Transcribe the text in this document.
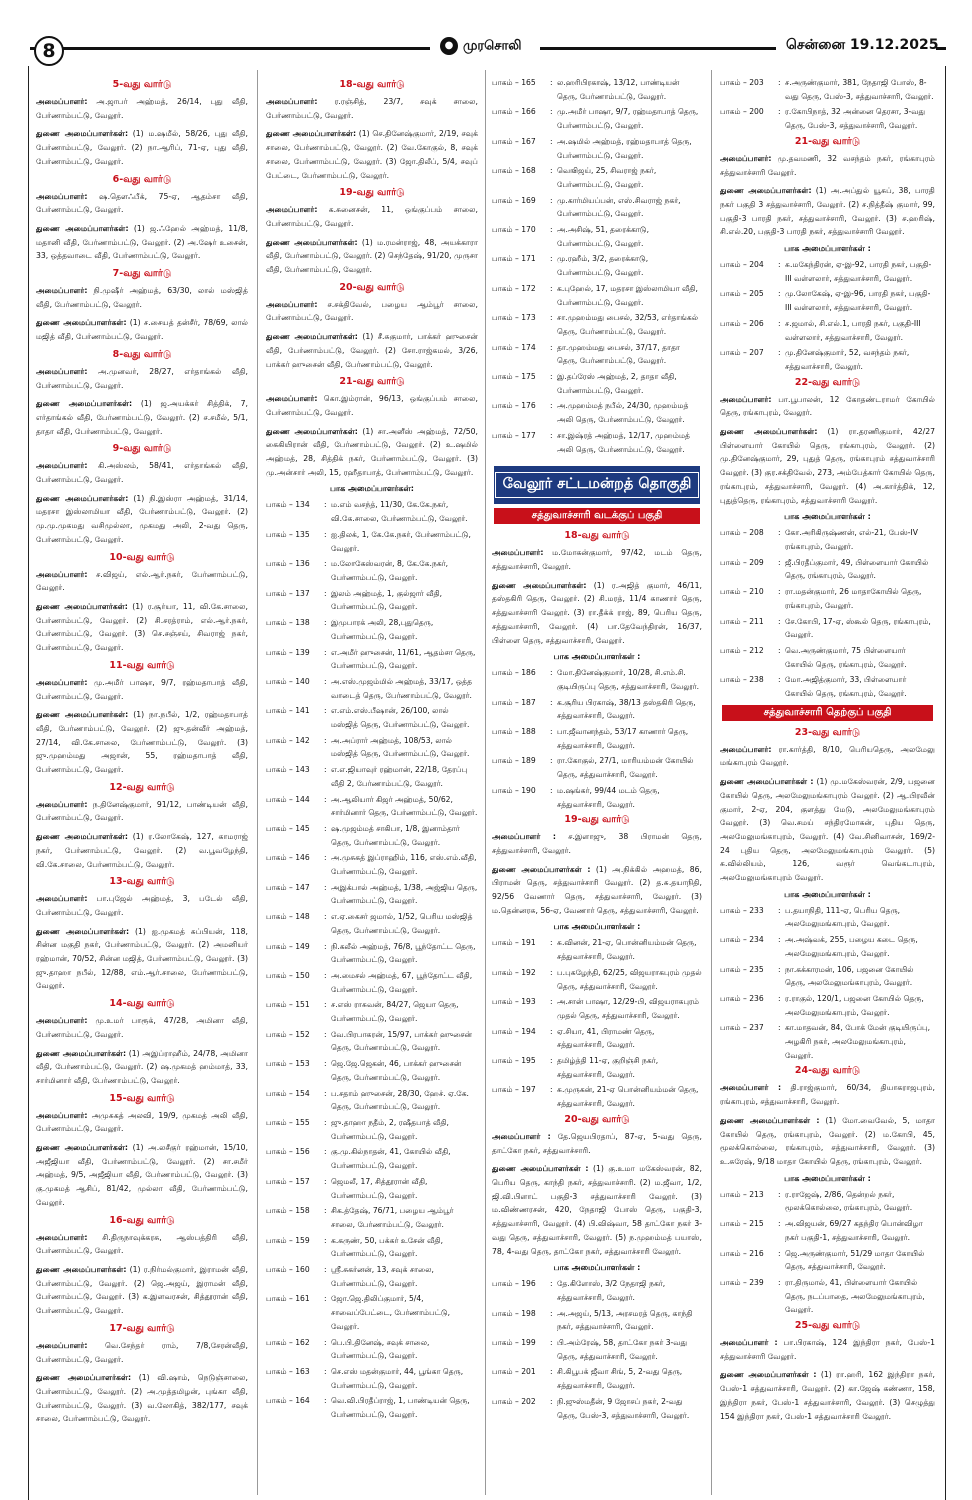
8	● முரசொலி	சென்னை 19.12.2025
5-வது வார்டு

அமைப்பாளர்: அ.ஜாபர் அஹ்மத், 26/14, புது வீதி, பேர்ணாம்பட்டு, வேலூர்.

துணை அமைப்பாளர்கள்: (1) ம.ஷமீல், 58/26, புது வீதி, பேர்ணாம்பட்டு, வேலூர். (2) நா.ஆரிப், 71-ஏ, புது வீதி, பேர்ணாம்பட்டு, வேலூர்.

6-வது வார்டு

அமைப்பாளர்: ஷ.தௌஃபீக், 75-ஏ, ஆதம்சா வீதி, பேர்ணாம்பட்டு, வேலூர்.

துணை அமைப்பாளர்கள்: (1) ஜ.ஃஹேல் அஹ்மத், 11/8, மதானி வீதி, பேர்ணாம்பட்டு, வேலூர். (2) அ.ஷேர் உசைன், 33, ஒத்தவாடை வீதி, பேர்ணாம்பட்டு, வேலூர்.

7-வது வார்டு

அமைப்பாளர்: நி.முஷீர் அஹ்மத், 63/30, லால் மஸ்ஜித் வீதி, பேர்ணாம்பட்டு, வேலூர்.

துணை அமைப்பாளர்கள்: (1) ச.சையத் தன்சீர், 78/69, லால் மஜித் வீதி, பேர்ணாம்பட்டு, வேலூர்.

8-வது வார்டு

அமைப்பாளர்: அ.முனவர், 28/27, எர்தாங்கல் வீதி, பேர்ணாம்பட்டு, வேலூர்.

துணை அமைப்பாளர்கள்: (1) ஜ.அயக்கர் சித்திக், 7, எர்தாங்கல் வீதி, பேர்ணாம்பட்டு, வேலூர். (2) ச.சமீல், 5/1, தாதா வீதி, பேர்ணாம்பட்டு, வேலூர்.

9-வது வார்டு

அமைப்பாளர்: கி.அஸ்லம், 58/41, எர்தாங்கல் வீதி, பேர்ணாம்பட்டு, வேலூர்.

துணை அமைப்பாளர்கள்: (1) நி.இஸ்ரா அஹ்மத், 31/14, மதரசா இஸ்லாமியா வீதி, பேர்ணாம்பட்டு, வேலூர். (2) மு.மு.முகமது வசிமுல்லா, முகமது அலி, 2-வது தெரு, பேர்ணாம்பட்டு, வேலூர்.

10-வது வார்டு

அமைப்பாளர்: ச.விஜய், எல்.ஆர்.நகர், பேர்ணாம்பட்டு, வேலூர்.

துணை அமைப்பாளர்கள்: (1) ர.சூர்யா, 11, வி.கே.சாலை, பேர்ணாம்பட்டு, வேலூர். (2) சி.சரத்ராம், எல்.ஆர்.நகர், பேர்ணாம்பட்டு, வேலூர். (3) செ.சஞ்சய், சிவராஜ் நகர், பேர்ணாம்பட்டு, வேலூர்.

11-வது வார்டு

அமைப்பாளர்: மு.அமீர் பாஷா, 9/7, ரஹ்மதாபாத் வீதி, பேர்ணாம்பட்டு, வேலூர்.

துணை அமைப்பாளர்கள்: (1) நா.நபீல், 1/2, ரஹ்மதாபாத் வீதி, பேர்ணாம்பட்டு, வேலூர். (2) ஜு.தன்வீர் அஹ்மத், 27/14, வி.கே.சாலை, பேர்ணாம்பட்டு, வேலூர். (3) ஜு.முஹம்மது அஜான், 55, ரஹ்மதாபாத் வீதி, பேர்ணாம்பட்டு, வேலூர்.

12-வது வார்டு

அமைப்பாளர்: ந.தினேஷ்குமார், 91/12, பாண்டியன் வீதி, பேர்ணாம்பட்டு, வேலூர்.

துணை அமைப்பாளர்கள்: (1) ர.லோகேஷ், 127, காமராஜ் நகர், பேர்ணாம்பட்டு, வேலூர். (2) வ.பூவழேந்தி, வி.கே.சாலை, பேர்ணாம்பட்டு, வேலூர்.

13-வது வார்டு

அமைப்பாளர்: பா.புஜேல் அஹ்மத், 3, படேல் வீதி, பேர்ணாம்பட்டு, வேலூர்.

துணை அமைப்பாளர்கள்: (1) ஐ.முகமத் சுப்பியன், 118, சின்ன மகுதி நகர், பேர்ணாம்பட்டு, வேலூர். (2) அமனியர் ரஹ்மான், 70/52, சின்ன மஜித், பேர்ணாம்பட்டு, வேலூர். (3) ஜு.தாஹா நபீல், 12/88, எம்.ஆர்.சாலை, பேர்ணாம்பட்டு, வேலூர்.

14-வது வார்டு

அமைப்பாளர்: மு.உமர் பாரூக், 47/28, அமினா வீதி, பேர்ணாம்பட்டு, வேலூர்.

துணை அமைப்பாளர்கள்: (1) அஇப்ராஹீம், 24/78, அமினா வீதி, பேர்ணாம்பட்டு, வேலூர். (2) ஷ.முகமத் ஹம்மாத், 33, சார்மினார் வீதி, பேர்ணாம்பட்டு, வேலூர்.

15-வது வார்டு

அமைப்பாளர்: அமுசுகத் அலவி, 19/9, முகமத் அலி வீதி, பேர்ணாம்பட்டு, வேலூர்.

துணை அமைப்பாளர்கள்: (1) அ.லசீகுர் ரஹ்மான், 15/10, அஜீஜியா வீதி, பேர்ணாம்பட்டு, வேலூர். (2) சா.சமீர் அஹ்மத், 9/5, அஜீஜியா வீதி, பேர்ணாம்பட்டு, வேலூர். (3) கு.முகமத் ஆசிப், 81/42, முல்லா வீதி, பேர்ணாம்பட்டு, வேலூர்.

16-வது வார்டு

அமைப்பாளர்: சி.திருநாவுக்கரசு, ஆஸ்பத்திரி வீதி, பேர்ணாம்பட்டு, வேலூர்.

துணை அமைப்பாளர்கள்: (1) ர.நிர்மல்குமார், இராமன் வீதி, பேர்ணாம்பட்டு, வேலூர். (2) ஜெ.அஜய், இராமன் வீதி, பேர்ணாம்பட்டு, வேலூர். (3) க.இளவரசன், சித்தூரான் வீதி, பேர்ணாம்பட்டு, வேலூர்.

17-வது வார்டு

அமைப்பாளர்: வெ.சேந்தர் ராம், 7/8,சேரன்வீதி, பேர்ணாம்பட்டு, வேலூர்.

துணை அமைப்பாளர்கள்: (1) வி.ஷாம், நெடுஞ்சாலை, பேர்ணாம்பட்டு, வேலூர். (2) அ.முத்தமிழன், புங்கா வீதி, பேர்ணாம்பட்டு, வேலூர். (3) வ.லோகித், 382/177, சவுக் சாலை, பேர்ணாம்பட்டு, வேலூர்.

18-வது வார்டு

அமைப்பாளர்: ர.ரஞ்சித், 23/7, சவுக் சாலை, பேர்ணாம்பட்டு, வேலூர்.

துணை அமைப்பாளர்கள்: (1) செ.தினேஷ்குமார், 2/19, சவுக் சாலை, பேர்ணாம்பட்டு, வேலூர். (2) வே.கோகுல், 8, சவுக் சாலை, பேர்ணாம்பட்டு, வேலூர். (3) ஜோ.திலீப், 5/4, சவுப் பேட்டை, பேர்ணாம்பட்டு, வேலூர்.

19-வது வார்டு

அமைப்பாளர்: க.சுனைசன், 11, ஒங்குப்பம் சாலை, பேர்ணாம்பட்டு, வேலூர்.

துணை அமைப்பாளர்கள்: (1) ம.ரமன்ராஜ், 48, அயக்காரா வீதி, பேர்ணாம்பட்டு, வேலூர். (2) செந்தேஷ், 91/20, முருசா வீதி, பேர்ணாம்பட்டு, வேலூர்.

20-வது வார்டு

அமைப்பாளர்: ச.சக்திவேல், பழைய ஆம்பூர் சாலை, பேர்ணாம்பட்டு, வேலூர்.

துணை அமைப்பாளர்கள்: (1) சீ.சுகுமார், பாக்கர் ஹுசைன் வீதி, பேர்ணாம்பட்டு, வேலூர். (2) சோ.ராஜ்கமல், 3/26, பாக்கர் ஹுசைன் வீதி, பேர்ணாம்பட்டு, வேலூர்.

21-வது வார்டு

அமைப்பாளர்: கொ.இம்ரான், 96/13, ஒங்குப்பம் சாலை, பேர்ணாம்பட்டு, வேலூர்.

துணை அமைப்பாளர்கள்: (1) சா.அனீஸ் அஹ்மத், 72/50, கைகியிரான் வீதி, பேர்ணாம்பட்டு, வேலூர். (2) உ.ஷமில் அஹ்மத், 28, சித்திக் நகர், பேர்ணாம்பட்டு, வேலூர். (3) மு.அன்சார் அலி, 15, ரஹீதாபாத், பேர்ணாம்பட்டு, வேலூர்.

பாக அமைப்பாளர்கள்:
பாகம் – 134	: ம.எம் வசந்த், 11/30, கே.கே.நகர், வி.கே.சாலை, பேர்ணாம்பட்டு, வேலூர்.
பாகம் – 135	: ஐ.திலக், 1, கே.கே.நகர், பேர்ணாம்பட்டு, வேலூர்.
பாகம் – 136	: ம.லோகேஸ்வரன், 8, கே.கே.நகர், பேர்ணாம்பட்டு, வேலூர்.
பாகம் – 137	: இலம் அஹ்மத், 1, குல்ஜார் வீதி, பேர்ணாம்பட்டு, வேலூர்.
பாகம் – 138	: இமுபாரக் அலி, 28,புதுதெரு, பேர்ணாம்பட்டு, வேலூர்.
பாகம் – 139	: எ.அமீர் ஹுசைன், 11/61, ஆதம்சா தெரு, பேர்ணாம்பட்டு, வேலூர்.
பாகம் – 140	: அ.எஸ்.முஜம்மில் அஹ்மத், 33/17, ஒத்த வாடைத் தெரு, பேர்ணாம்பட்டு, வேலூர்.
பாகம் – 141	: எ.எம்.எஸ்.பீஷான், 26/100, லால் மஸ்ஜித் தெரு, பேர்ணாம்பட்டு, வேலூர்.
பாகம் – 142	: அ.அப்ரார் அஹ்மத், 108/53, லால் மஸ்ஜித் தெரு, பேர்ணாம்பட்டு, வேலூர்.
பாகம் – 143	: எ.எ.ஜியாவுர் ரஹ்மான், 22/18, தேரப்பு வீதி 2, பேர்ணாம்பட்டு, வேலூர்.
பாகம் – 144	: அ.ஆலியார் கிஜர் அஹ்மத், 50/62, சார்மினார் தெரு, பேர்ணாம்பட்டு, வேலூர்.
பாகம் – 145	: ஷ.முஜம்மத் சாகிபா, 1/8, இனாம்தார் தெரு, பேர்ணாம்பட்டு, வேலூர்.
பாகம் – 146	: அ.முசுகத் இப்ராஹிம், 116, எஸ்.எம்.வீதி, பேர்ணாம்பட்டு, வேலூர்.
பாகம் – 147	: அஇக்பால் அஹ்மத், 1/38, அஜ்ஜிய தெரு, பேர்ணாம்பட்டு, வேலூர்.
பாகம் – 148	: எ.ஏ.கைசர் ஜமால், 1/52, பெரிய மஸ்ஜித் தெரு, பேர்ணாம்பட்டு, வேலூர்.
பாகம் – 149	: நி.கலீல் அஹ்மத், 76/8, பூந்தோட்ட தெரு, பேர்ணாம்பட்டு, வேலூர்.
பாகம் – 150	: அ.மைசல் அஹ்மத், 67, பூந்தோட்ட வீதி, பேர்ணாம்பட்டு, வேலூர்.
பாகம் – 151	: ச.எஸ் ராசுவன், 84/27, ஜெயா தெரு, பேர்ணாம்பட்டு, வேலூர்.
பாகம் – 152	: வே.பிரபாகரன், 15/97, பாக்கர் ஹுசைன் தெரு, பேர்ணாம்பட்டு, வேலூர்.
பாகம் – 153	: ஜெ.ஜே.ஜெகன், 46, பாக்கர் ஹுசைன் தெரு, பேர்ணாம்பட்டு, வேலூர்.
பாகம் – 154	: ப.சதாம் ஹுசைன், 28/30, ஹேச். ஏ.கே. தெரு, பேர்ணாம்பட்டு, வேலூர்.
பாகம் – 155	: ஜு.தாஹா நதீம், 2, ரஷீதபாத் வீதி, பேர்ணாம்பட்டு, வேலூர்.
பாகம் – 156	: கு.மு.கில்நாதன், 41, கோயில் வீதி, பேர்ணாம்பட்டு, வேலூர்.
பாகம் – 157	: ஜெமலீ, 17, சித்தூரான் வீதி, பேர்ணாம்பட்டு, வேலூர்.
பாகம் – 158	: சிக.த்தேஷ், 76/71, பழைய ஆம்பூர் சாலை, பேர்ணாம்பட்டு, வேலூர்.
பாகம் – 159	: க.கருண், 50, பக்கர் உசேன் வீதி, பேர்ணாம்பட்டு, வேலூர்.
பாகம் – 160	: ஸ்ரீ.சுகர்னன், 13, சவுக் சாலை, பேர்ணாம்பட்டு, வேலூர்.
பாகம் – 161	: ஜோ.ஜெ.திலிப்குமார், 5/4, சாவைப்பேட்டை, பேர்ணாம்பட்டு, வேலூர்.
பாகம் – 162	: பெ.பி.தினேஷ், சவுக் சாலை, பேர்ணாம்பட்டு, வேலூர்.
பாகம் – 163	: செ.எஸ் மதன்குமார், 44, பூங்கா தெரு, பேர்ணாம்பட்டு, வேலூர்.
பாகம் – 164	: வெ.வி.பிரதீப்ராஜ், 1, பாண்டியன் தெரு, பேர்ணாம்பட்டு, வேலூர்.
பாகம் – 165	: ல.ஹரிபிரகாஷ், 13/12, பாண்டியன் தெரு, பேர்ணாம்பட்டு, வேலூர்.
பாகம் – 166	: மு.அமீர் பாஷா, 9/7, ரஹ்மதாபாத் தெரு, பேர்ணாம்பட்டு, வேலூர்.
பாகம் – 167	: அ.ஷமில் அஹ்மத், ரஹ்மதாபாத் தெரு, பேர்ணாம்பட்டு, வேலூர்.
பாகம் – 168	: வெஙிஜய், 25, சிவராஜ் நகர், பேர்ணாம்பட்டு, வேலூர்.
பாகம் – 169	: மு.கார்மியப்பன், எஸ்.சிவராஜ் நகர், பேர்ணாம்பட்டு, வேலூர்.
பாகம் – 170	: அ.அசிஷ், 51, தரைக்காடு, பேர்ணாம்பட்டு, வேலூர்.
பாகம் – 171	: மு.ரஹீம், 3/2, தரைக்காடு, பேர்ணாம்பட்டு, வேலூர்.
பாகம் – 172	: க.புஹேல், 17, மதரசா இஸ்லாமியா வீதி, பேர்ணாம்பட்டு, வேலூர்.
பாகம் – 173	: சா.முஹம்மது பைசல், 32/53, எர்தாங்கல் தெரு, பேர்ணாம்பட்டு, வேலூர்.
பாகம் – 174	: தா.முஹம்மது பைசல், 37/17, தாதா தெரு, பேர்ணாம்பட்டு, வேலூர்.
பாகம் – 175	: இ.தப்ரேஸ் அஹ்மத், 2, தாதா வீதி, பேர்ணாம்பட்டு, வேலூர்.
பாகம் – 176	: அ.முஹம்மத் நபீல், 24/30, முஹம்மத் அலி தெரு, பேர்ணாம்பட்டு, வேலூர்.
பாகம் – 177	: சா.இஷ்ரத் அஹ்மத், 12/17, முஹம்மத் அலி தெரு, பேர்ணாம்பட்டு, வேலூர்.
வேலூர் சட்டமன்றத் தொகுதி
சத்துவாச்சாரி வடக்குப் பகுதி
18-வது வார்டு

அமைப்பாளர்: ம.மோகன்குமார், 97/42, மடம் தெரு, சத்துவாச்சாரி, வேலூர்.

துணை அமைப்பாளர்கள்: (1) ர.அஜித் குமார், 46/11, தஸ்தகிரி தெரு, வேலூர். (2) சி.மரத், 11/4 காணார் தெரு, சத்துவாச்சாரி வேலூர். (3) ரா.தீக்க் ராஜ், 89, பெரிய தெரு, சத்துவாச்சாரி, வேலூர். (4) பா.தேவேந்திரன், 16/37, பிள்ளை தெரு, சத்துவாச்சாரி, வேலூர்.

பாக அமைப்பாளர்கள் :
பாகம் – 186	: மோ.தினேஷ்குமார், 10/28, சி.எம்.சி. குடியிருப்பு தெரு, சத்துவாச்சாரி, வேலூர்.
பாகம் – 187	: க.சூரிய பிரகாஷ், 38/13 தஸ்தகிரி தெரு, சத்துவாச்சாரி, வேலூர்.
பாகம் – 188	: பா.ஜீவானந்தம், 53/17 காணார் தெரு, சத்துவாச்சாரி, வேலூர்.
பாகம் – 189	: ரா.கோகுல், 27/1, மாரியம்மன் கோயில் தெரு, சத்துவாச்சாரி, வேலூர்.
பாகம் – 190	: ம.ஷங்கர், 99/44 மடம் தெரு, சத்துவாச்சாரி, வேலூர்.
19-வது வார்டு

அமைப்பாளர் : ச.இளாஜு, 38 பிராமன் தெரு, சத்துவாச்சாரி, வேலூர்.

துணை அமைப்பாளர்கள் : (1) அ.நிக்கில் அஹமத், 86, பிராமன் தெரு, சத்துவாச்சாரி வேலூர். (2) த.சு.தயாநிதி, 92/56 வேணார் தெரு, சத்துவாச்சாரி, வேலூர். (3) ம.தென்னரசு, 56-ஏ, வேணார் தெரு, சத்துவாச்சாரி, வேலூர்.

பாக அமைப்பாளர்கள் :
பாகம் – 191	: சு.வினன், 21-ஏ, பொன்னியம்மன் தெரு, சத்துவாச்சாரி, வேலூர்.
பாகம் – 192	: ப.புகழேந்தி, 62/25, விஜயராகபுரம் முதல் தெரு, சத்துவாச்சாரி, வேலூர்.
பாகம் – 193	: அ.சான் பாஷா, 12/29-பி, விஜயராகபுரம் முதல் தெரு, சத்துவாச்சாரி, வேலூர்.
பாகம் – 194	: ஏ.சியா, 41, பிராமண் தெரு, சத்துவாச்சாரி, வேலூர்.
பாகம் – 195	: தமிழ்த்தி 11-ஏ, குறிஞ்சி நகர், சத்துவாச்சாரி, வேலூர்.
பாகம் – 197	: சு.முருகன், 21-ஏ பொன்னியம்மன் தெரு, சத்துவாச்சாரி, வேலூர்.
20-வது வார்டு

அமைப்பாளர் : தே.ஜெயபிரதாப், 87-ஏ, 5-வது தெரு, தாட்கோ நகர், சத்துவாச்சாரி.

துணை அமைப்பாளர்கள் : (1) கு.உமா மகேஸ்வரன், 82, பெரிய தெரு, காந்தி நகர், சத்துவாச்சாரி. (2) ம.ஜீவா, 1/2, ஜி.வி.பிளாட் பகுதி-3 சத்துவாச்சாரி வேலூர். (3) ம.விண்ணரசன், 420, நேதாஜி போஸ் தெரு, பகுதி-3, சத்துவாச்சாரி, வேலூர். (4) பி.விஷ்வா, 58 தாட்கோ நகர் 3-வது தெரு, சத்துவாச்சாரி, வேலூர். (5) ந.முஹம்மத் பயாஸ், 78, 4-வது தெரு, தாட்கோ நகர், சத்துவாச்சாரி வேலூர்.

பாக அமைப்பாளர்கள் :
பாகம் – 196	: தே.கிளோஸ், 3/2 நேதாஜி நகர், சத்துவாச்சாரி, வேலூர்.
பாகம் – 198	: அ.அஜய், 5/13, அரசமரத் தெரு, காந்தி நகர், சத்துவாச்சாரி, வேலூர்.
பாகம் – 199	: பி.அம்ரேஷ், 58, தாட்கோ நகர் 3-வது தெரு, சத்துவாச்சாரி, வேலூர்.
பாகம் – 201	: சி.கிபூபக் ஜீவா சிங், 5, 2-வது தெரு, சத்துவாச்சாரி, வேலூர்.
பாகம் – 202	: நி.ஜுஸ்மதீன், 9 ஜோசப் நகர், 2-வது தெரு, பேஸ்-3, சத்துவாச்சாரி, வேலூர்.
பாகம் – 203	: ச.அருண்குமார், 381, நேதாஜி போஸ், 8-வது தெரு, பேஸ்-3, சத்துவாச்சாரி, வேலூர்.
பாகம் – 200	: ர.கோபிநாத், 32 அன்னை தெரசா, 3-வது தெரு, பேஸ்-3, சத்துவாச்சாரி, வேலூர்.
21-வது வார்டு

அமைப்பாளர்: மு.தவமணி, 32 வசந்தம் நகர், ரங்காபுரம் சத்துவாச்சாரி வேலூர்.

துணை அமைப்பாளர்கள்: (1) அ.அப்துல் யூசுப், 38, பாரதி நகர் பகுதி 3 சத்துவாச்சாரி, வேலூர். (2) ச.நித்தீஷ் குமார், 99, பகுதி-3 பாரதி நகர், சத்துவாச்சாரி, வேலூர். (3) ச.ஹரிஷ், சி.எல்.20, பகுதி-3 பாரதி நகர், சத்துவாச்சாரி வேலூர்.

பாக அமைப்பாளர்கள் :
பாகம் – 204	: சு.மகேந்திரன், ஏ-இ-92, பாரதி நகர், பகுதி-III வள்ளலார், சத்துவாச்சாரி, வேலூர்.
பாகம் – 205	: மு.லோகேஷ், ஏ-இ-96, பாரதி நகர், பகுதி-III வள்ளலார், சத்துவாச்சாரி, வேலூர்.
பாகம் – 206	: ச.ஜமால், சி.எல்.1, பாரதி நகர், பகுதி-III வள்ளலார், சத்துவாச்சாரி, வேலூர்.
பாகம் – 207	: மு.தினேஷ்குமார், 52, வசந்தம் நகர், சத்துவாச்சாரி, வேலூர்.
22-வது வார்டு

அமைப்பாளர்: பா.பூபாலன், 12 கோதண்டராமர் கோயில் தெரு, ரங்காபுரம், வேலூர்.

துணை அமைப்பாளர்கள்: (1) ரா.தரணிகுமார், 42/27 பிள்ளையார் கோயில் தெரு, ரங்காபுரம், வேலூர். (2) மு.தினேஷ்குமார், 29, புதுத் தெரு, ரங்காபுரம் சத்துவாச்சாரி வேலூர். (3) குர.சக்திவேல், 273, அம்பேத்கார் கோயில் தெரு, ரங்காபுரம், சத்துவாச்சாரி, வேலூர். (4) அ.கார்த்திக், 12, புதுத்தெரு, ரங்காபுரம், சத்துவாச்சாரி வேலூர்.

பாக அமைப்பாளர்கள் :
பாகம் – 208	: கோ.அரிகிருஷ்ணன், எல்-21, பேஸ்-IV ரங்காபுரம், வேலூர்.
பாகம் – 209	: ஜீ.பிரதீப்குமார், 49, பிள்ளையார் கோயில் தெரு, ரங்காபுரம், வேலூர்.
பாகம் – 210	: ரா.மதன்குமார், 26 மாதாகோயில் தெரு, ரங்காபுரம், வேலூர்.
பாகம் – 211	: சே.கோபி, 17-ஏ, ஸ்கூல் தெரு, ரங்காபுரம், வேலூர்.
பாகம் – 212	: வெ.அருண்குமார், 75 பிள்ளையார் கோயில் தெரு, ரங்காபுரம், வேலூர்.
பாகம் – 238	: மோ.அஜித்குமார், 33, பிள்ளையார் கோயில் தெரு, ரங்காபுரம், வேலூர்.
சத்துவாச்சாரி தெற்குப் பகுதி
23-வது வார்டு

அமைப்பாளர்: ரா.கார்த்தி, 8/10, பெரியதெரு, அலமேலு மங்காபுரம் வேலூர்.

துணை அமைப்பாளர்கள் : (1) மு.மகேஸ்வரன், 2/9, பஜனை கோயில் தெரு, அலமேலுமங்காபுரம் வேலூர். (2) ஆ.பிரவீன் குமார், 2-ஏ, 204, குளத்து மேடு, அலமேலுமங்காபுரம் வேலூர். (3) வெ.சமய் சந்திரமோகன், புதிய தெரு, அலமேலுமங்காபுரம், வேலூர். (4) வே.சினிவாசன், 169/2- 24 புதிய தெரு, அலமேலுமங்காபுரம் வேலூர். (5) சு.வில்லியம், 126, வரூர் வெங்கடாபுரம், அலமேலுமங்காபுரம் வேலூர்.

பாக அமைப்பாளர்கள் :
பாகம் – 233	: ப.தயாநிதி, 111-ஏ, பெரிய தெரு, அலமேலுமங்காபுரம், வேலூர்.
பாகம் – 234	: அ.அஷ்வக், 255, பழைய கடை தெரு, அலமேலுமங்காபுரம், வேலூர்.
பாகம் – 235	: நா.கக்காரமன், 106, பஜனை கோயில் தெரு, அலமேலுமங்காபுரம், வேலூர்.
பாகம் – 236	: ர.ராகுல், 120/1, பஜனை கோயில் தெரு, அலமேலுமங்காபுரம், வேலூர்.
பாகம் – 237	: கா.மாதவன், 84, போக் மேன் குடியிருப்பு, அழகிரி நகர், அலமேலுமங்காபுரம், வேலூர்.
24-வது வார்டு

அமைப்பாளர் : தி.ராஜ்குமார், 60/34, தியாகராஜபுரம், ரங்காபுரம், சத்துவாச்சாரி, வேலூர்.

துணை அமைப்பாளர்கள் : (1) மோ.வைவேல், 5, மாதா கோயில் தெரு, ரங்காபுரம், வேலூர். (2) ம.கோபி, 45, மூலக்கொல்லை, ரங்காபுரம், சத்துவாச்சாரி, வேலூர். (3) உ.சுரேஷ், 9/18 மாதா கோயில் தெரு, ரங்காபுரம், வேலூர்.

பாக அமைப்பாளர்கள் :
பாகம் – 213	: ர.ராஜேஷ், 2/86, தென்றல் நகர், மூலக்கொல்லை, ரங்காபுரம், வேலூர்.
பாகம் – 215	: அ.விஜயன், 69/27 கதந்திர பொன்விழா நகர் பகுதி-1, சத்துவாச்சாரி, வேலூர்.
பாகம் – 216	: ஜெ.அருண்குமார், 51/29 மாதா கோயில் தெரு, சத்துவாச்சாரி, வேலூர்.
பாகம் – 239	: ரா.திருமால், 41, பிள்ளையார் கோயில் தெரு, நடப்பாதை, அலமேலுமங்காபுரம், வேலூர்.
25-வது வார்டு

அமைப்பாளர் : பா.பிரகாஷ், 124 இந்திரா நகர், பேஸ்-1 சத்துவாச்சாரி வேலூர்.

துணை அமைப்பாளர்கள் : (1) ரா.ஹரி, 162 இந்திரா நகர், பேஸ்-1 சத்துவாச்சாரி, வேலூர். (2) கா.ஜேஷ் கண்ணா, 158, இந்திரா நகர், பேஸ்-1 சத்துவாச்சாரி, வேலூர். (3) செழுத்து 154 இந்திரா நகர், பேஸ்-1 சத்துவாச்சாரி வேலூர்.
